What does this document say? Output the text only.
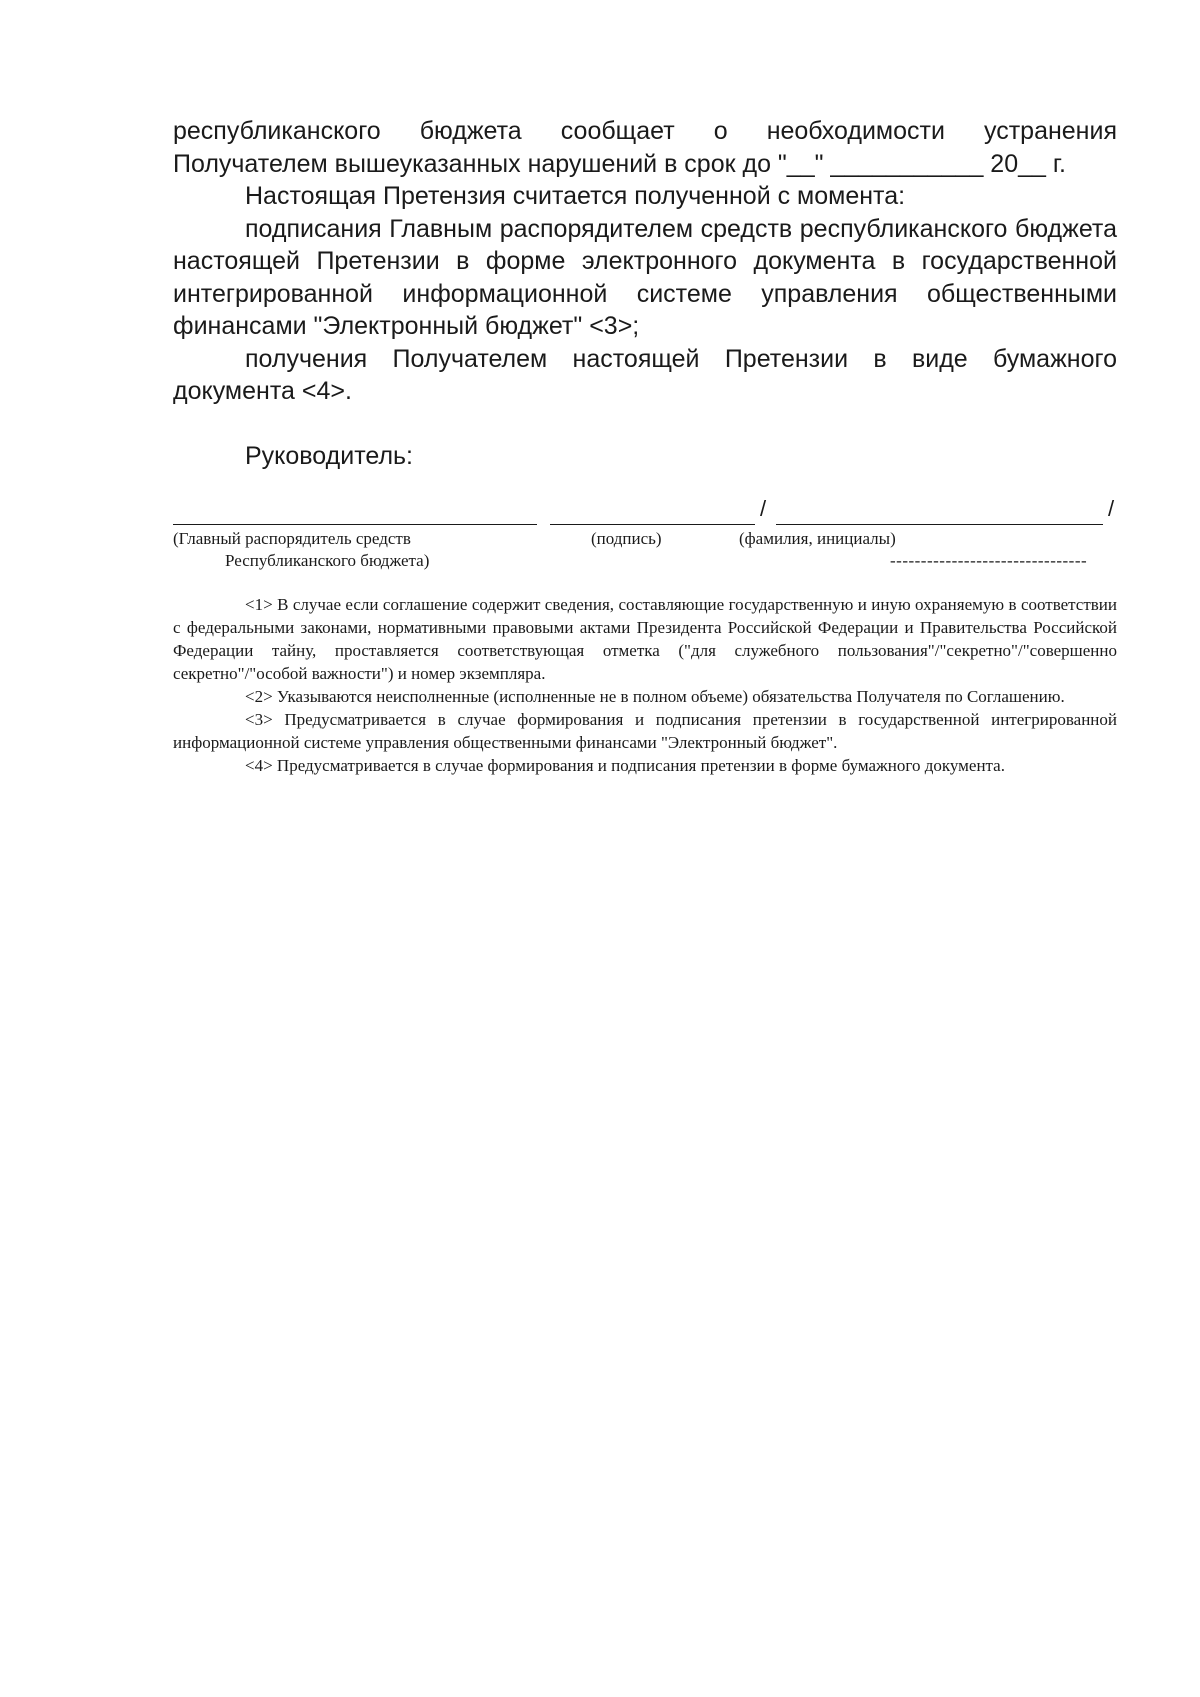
республиканского бюджета сообщает о необходимости устранения Получателем вышеуказанных нарушений в срок до "__" ___________ 20__ г.

Настоящая Претензия считается полученной с момента:

подписания Главным распорядителем средств республиканского бюджета настоящей Претензии в форме электронного документа в государственной интегрированной информационной системе управления общественными финансами "Электронный бюджет" <3>;

получения Получателем настоящей Претензии в виде бумажного документа <4>.

Руководитель:

/	/
(Главный распорядитель средств
Республиканского бюджета)
(подпись)	(фамилия, инициалы)
--------------------------------

<1> В случае если соглашение содержит сведения, составляющие государственную и иную охраняемую в соответствии с федеральными законами, нормативными правовыми актами Президента Российской Федерации и Правительства Российской Федерации тайну, проставляется соответствующая отметка ("для служебного пользования"/"секретно"/"совершенно секретно"/"особой важности") и номер экземпляра.

<2> Указываются неисполненные (исполненные не в полном объеме) обязательства Получателя по Соглашению.

<3> Предусматривается в случае формирования и подписания претензии в государственной интегрированной информационной системе управления общественными финансами "Электронный бюджет".

<4> Предусматривается в случае формирования и подписания претензии в форме бумажного документа.
